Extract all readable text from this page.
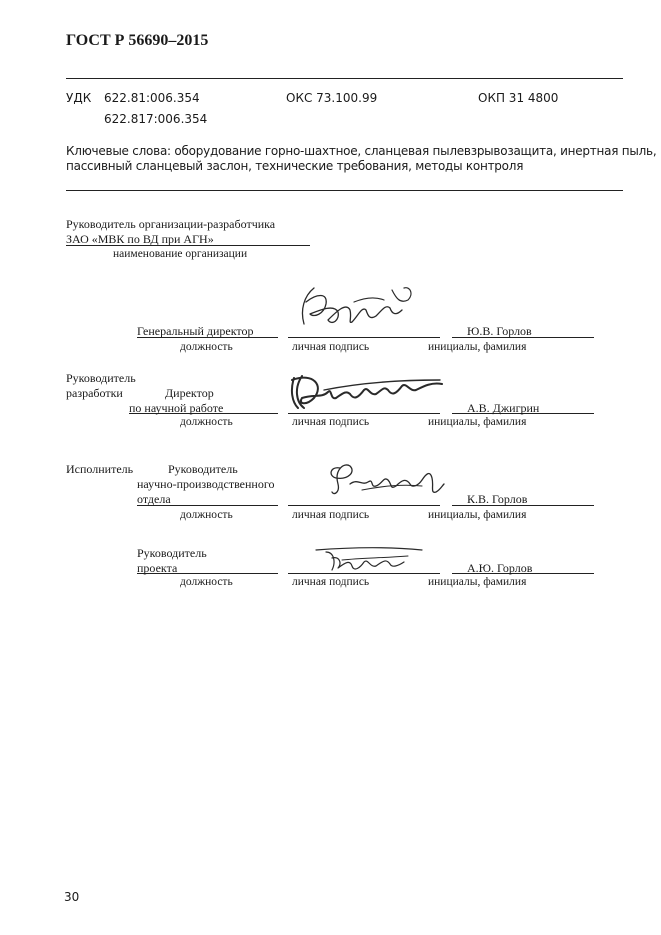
ГОСТ Р 56690–2015
УДК 622.81:006.354
622.817:006.354
ОКС 73.100.99	ОКП 31 4800
Ключевые слова: оборудование горно-шахтное, сланцевая пылевзрывозащита, инертная пыль,
пассивный сланцевый заслон, технические требования, методы контроля
Руководитель организации-разработчика
ЗАО «МВК по ВД при АГН»
наименование организации
Генеральный директор	Ю.В. Горлов
должность	личная подпись	инициалы, фамилия
Руководитель
разработки	Директор
по научной работе	А.В. Джигрин
должность	личная подпись	инициалы, фамилия
Исполнитель	Руководитель
научно-производственного
отдела	К.В. Горлов
должность	личная подпись	инициалы, фамилия
Руководитель
проекта	А.Ю. Горлов
должность	личная подпись	инициалы, фамилия
30
